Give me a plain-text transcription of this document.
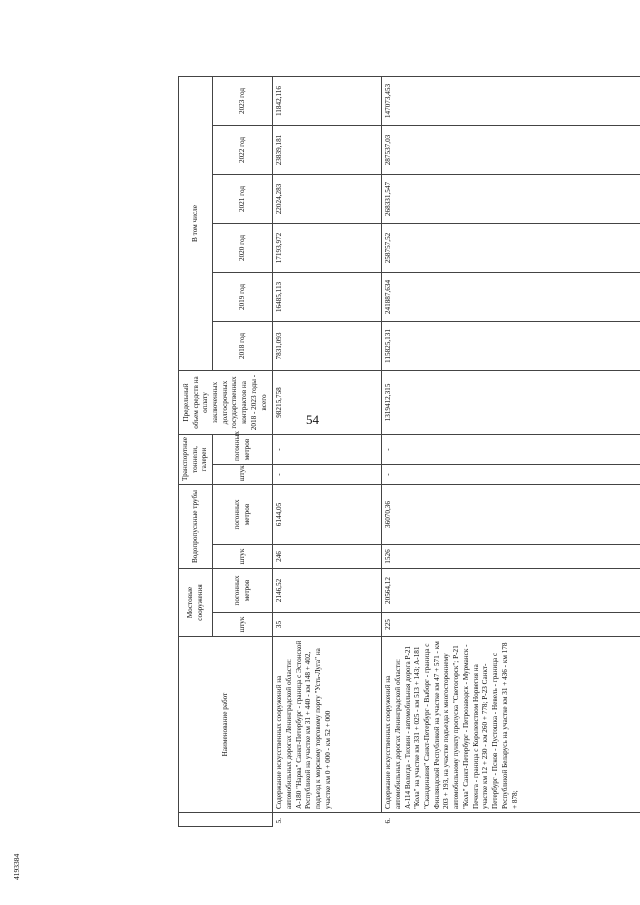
54
4193384
	Наименование работ	Мостовые сооружения		Водопропускные трубы		Транспортные тоннели, галереи		Предельный объем средств на оплату заключенных долгосрочных государственных контрактов на 2018 - 2023 годы - всего	В том числе					
		штук	погонных метров	штук	погонных метров	штук	погонных метров		2018 год	2019 год	2020 год	2021 год	2022 год	2023 год
5.	Содержание искусственных сооружений на автомобильных дорогах Ленинградской области: А-180 "Нарва" Санкт-Петербург - граница с Эстонской Республикой на участке км 31 + 440 - км 148 + 402, подъезд к морскому торговому порту "Усть-Луга" на участке км 0 + 000 - км 52 + 000	35	2146,52	246	6144,05	-	-	98215,758	7831,093	16485,113	17193,972	22024,283	23839,181	11842,116
6.	Содержание искусственных сооружений на автомобильных дорогах Ленинградской области: А-114 Вологда - Тихвин - автомобильная дорога Р-21 "Кола" на участке км 331 + 025 - км 513 + 143; А-181 "Скандинавия" Санкт-Петербург - Выборг - граница с Финляндской Республикой на участке км 47 + 571 - км 203 + 193, на участке подъезда к многостороннему автомобильному пункту пропуска "Светогорск"; Р-21 "Кола" Санкт-Петербург - Петрозаводск - Мурманск - Печенга - граница с Королевством Норвегия на участке км 12 + 230 - км 260 + 778; Р-23 Санкт-Петербург - Псков - Пустошка - Невель - граница с Республикой Беларусь на участке км 31 + 436 - км 178 + 878;	225	20564,12	1526	36070,36	-	-	1319412,315	115825,131	241887,634	258757,52	268331,547	287537,03	147073,453
